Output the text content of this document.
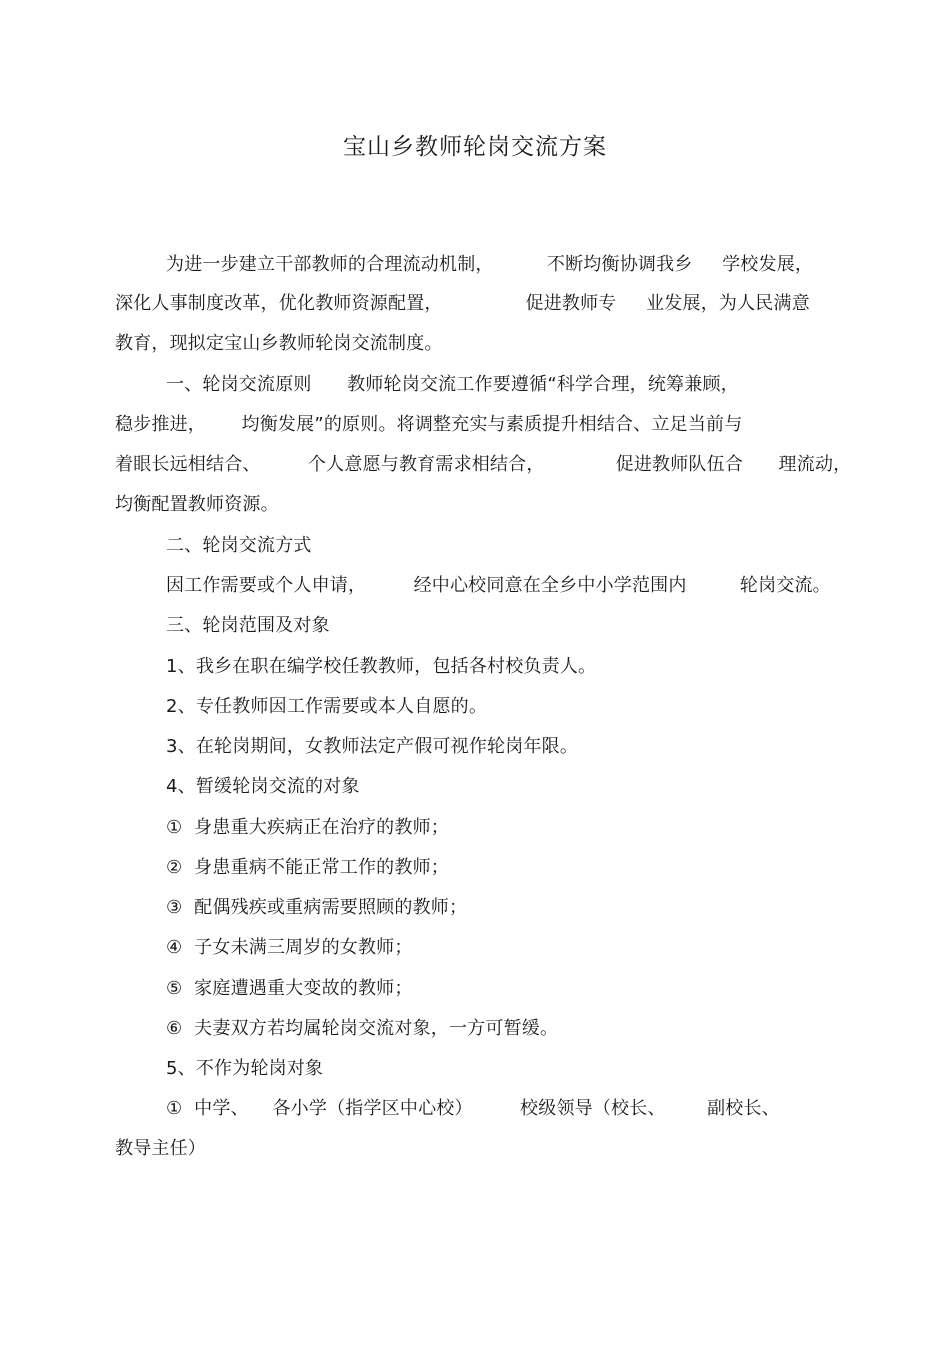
宝山乡教师轮岗交流方案
为进一步建立干部教师的合理流动机制，         不断均衡协调我乡     学校发展，
深化人事制度改革，优化教师资源配置，              促进教师专     业发展，为人民满意
教育，现拟定宝山乡教师轮岗交流制度。
一、轮岗交流原则      教师轮岗交流工作要遵循“科学合理，统筹兼顾，
稳步推进，      均衡发展”的原则。将调整充实与素质提升相结合、立足当前与
着眼长远相结合、        个人意愿与教育需求相结合，            促进教师队伍合      理流动，
均衡配置教师资源。
二、轮岗交流方式
因工作需要或个人申请，        经中心校同意在全乡中小学范围内         轮岗交流。
三、轮岗范围及对象
1、我乡在职在编学校任教教师，包括各村校负责人。
2、专任教师因工作需要或本人自愿的。
3、在轮岗期间，女教师法定产假可视作轮岗年限。
4、暂缓轮岗交流的对象
①  身患重大疾病正在治疗的教师；
②  身患重病不能正常工作的教师；
③  配偶残疾或重病需要照顾的教师；
④  子女未满三周岁的女教师；
⑤  家庭遭遇重大变故的教师；
⑥  夫妻双方若均属轮岗交流对象，一方可暂缓。
5、不作为轮岗对象
①  中学、    各小学（指学区中心校）        校级领导（校长、       副校长、
教导主任）
